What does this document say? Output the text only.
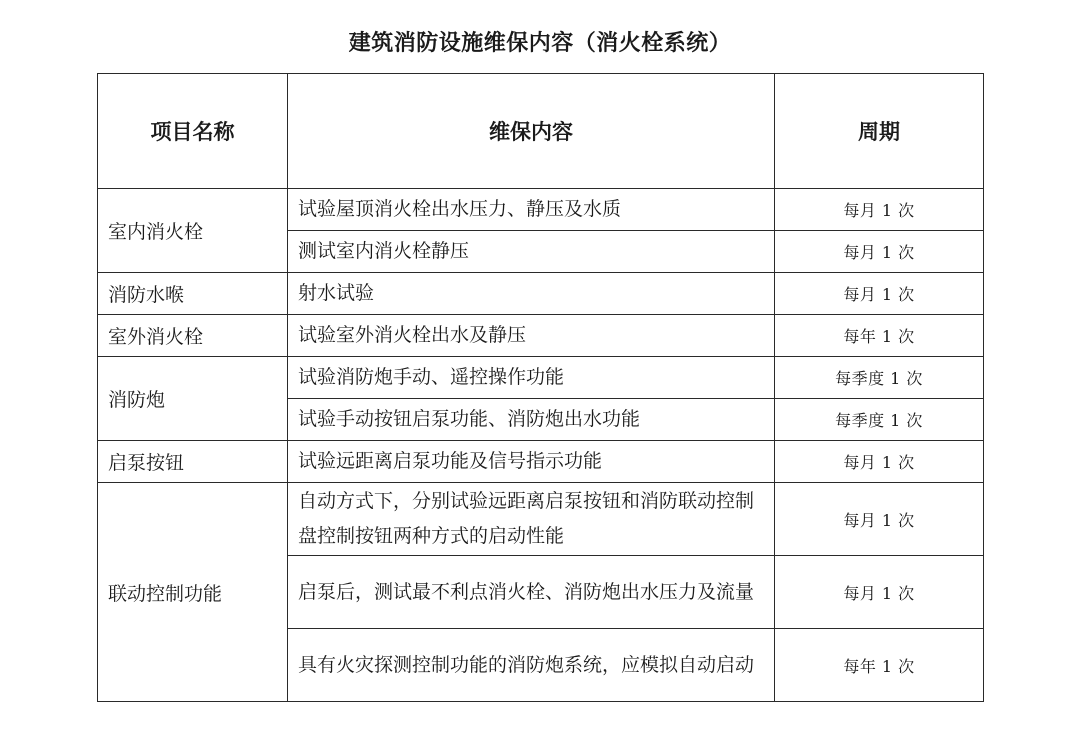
建筑消防设施维保内容（消火栓系统）
项目名称	维保内容	周期
室内消火栓	试验屋顶消火栓出水压力、静压及水质	每月 1 次
	测试室内消火栓静压	每月 1 次
消防水喉	射水试验	每月 1 次
室外消火栓	试验室外消火栓出水及静压	每年 1 次
消防炮	试验消防炮手动、遥控操作功能	每季度 1 次
	试验手动按钮启泵功能、消防炮出水功能	每季度 1 次
启泵按钮	试验远距离启泵功能及信号指示功能	每月 1 次
联动控制功能	自动方式下，分别试验远距离启泵按钮和消防联动控制盘控制按钮两种方式的启动性能	每月 1 次
	启泵后，测试最不利点消火栓、消防炮出水压力及流量	每月 1 次
	具有火灾探测控制功能的消防炮系统，应模拟自动启动	每年 1 次
